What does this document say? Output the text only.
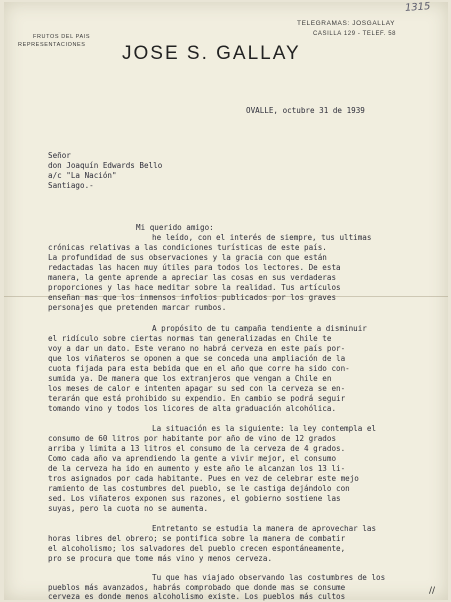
1315
FRUTOS DEL PAIS
REPRESENTACIONES
TELEGRAMAS: JOSGALLAY
CASILLA 129 - TELEF. 58
JOSE S. GALLAY
OVALLE, octubre 31 de 1939
Señor
don Joaquín Edwards Bello
a/c "La Nación"
Santiago.-
Mi querido amigo:
he leído, con el interés de siempre, tus ultimas
crónicas relativas a las condiciones turísticas de este país.
La profundidad de sus observaciones y la gracia con que están
redactadas las hacen muy útiles para todos los lectores. De esta
manera, la gente aprende a apreciar las cosas en sus verdaderas
proporciones y las hace meditar sobre la realidad. Tus artículos
enseñan mas que los inmensos infolios publicados por los graves
personajes que pretenden marcar rumbos.
A propósito de tu campaña tendiente a disminuir
el ridículo sobre ciertas normas tan generalizadas en Chile te
voy a dar un dato. Este verano no habrá cerveza en este país por-
que los viñateros se oponen a que se conceda una ampliación de la
cuota fijada para esta bebida que en el año que corre ha sido con-
sumida ya. De manera que los extranjeros que vengan a Chile en
los meses de calor e intenten apagar su sed con la cerveza se en-
terarán que está prohibido su expendio. En cambio se podrá seguir
tomando vino y todos los licores de alta graduación alcohólica.
La situación es la siguiente: la ley contempla el
consumo de 60 litros por habitante por año de vino de 12 grados
arriba y limita a 13 litros el consumo de la cerveza de 4 grados.
Como cada año va aprendiendo la gente a vivir mejor, el consumo
de la cerveza ha ido en aumento y este año le alcanzan los 13 li-
tros asignados por cada habitante. Pues en vez de celebrar este mejo
ramiento de las costumbres del pueblo, se le castiga dejándolo con
sed. Los viñateros exponen sus razones, el gobierno sostiene las
suyas, pero la cuota no se aumenta.
Entretanto se estudia la manera de aprovechar las
horas libres del obrero; se pontifica sobre la manera de combatir
el alcoholismo; los salvadores del pueblo crecen espontáneamente,
pro se procura que tome más vino y menos cerveza.
Tu que has viajado observando las costumbres de los
pueblos más avanzados, habrás comprobado que donde mas se consume
cerveza es donde menos alcoholismo existe. Los pueblos más cultos
//
